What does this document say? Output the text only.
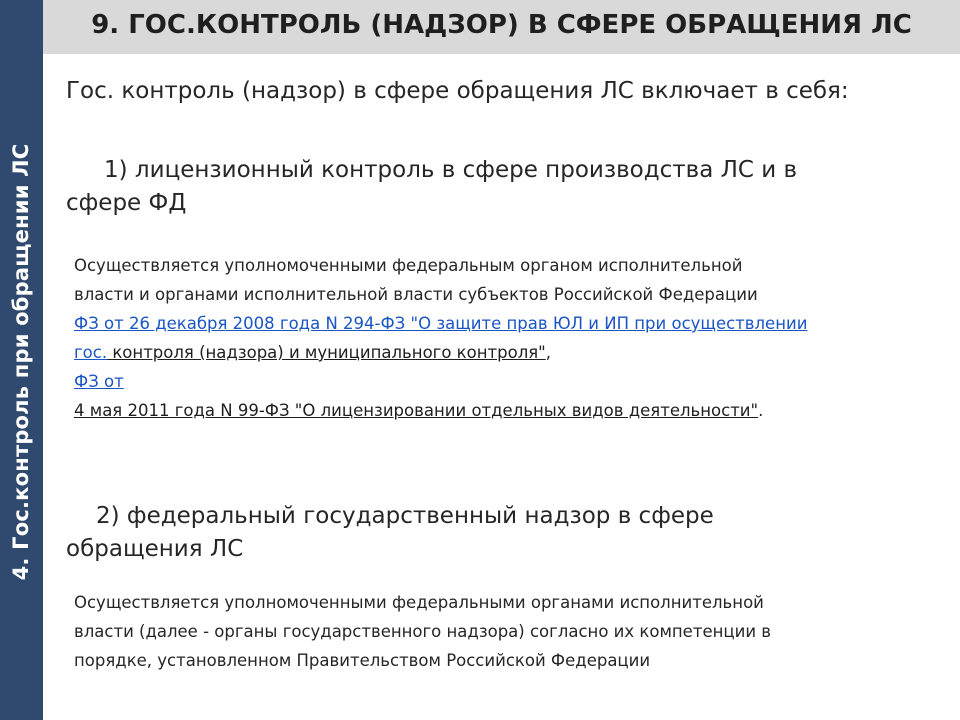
4. Гос.контроль при обращении ЛС
9. ГОС.КОНТРОЛЬ (НАДЗОР) В СФЕРЕ ОБРАЩЕНИЯ ЛС
Гос. контроль (надзор) в сфере обращения ЛС включает в себя:
1) лицензионный контроль в сфере производства ЛС и в
сфере ФД
Осуществляется уполномоченными федеральным органом исполнительной
власти и органами исполнительной власти субъектов Российской Федерации
ФЗ от 26 декабря 2008 года N 294-ФЗ "О защите прав ЮЛ и ИП при осуществлении
гос. контроля (надзора) и муниципального контроля",
ФЗ от
4 мая 2011 года N 99-ФЗ "О лицензировании отдельных видов деятельности".
2) федеральный государственный надзор в сфере
обращения ЛС
Осуществляется уполномоченными федеральными органами исполнительной
власти (далее - органы государственного надзора) согласно их компетенции в
порядке, установленном Правительством Российской Федерации
